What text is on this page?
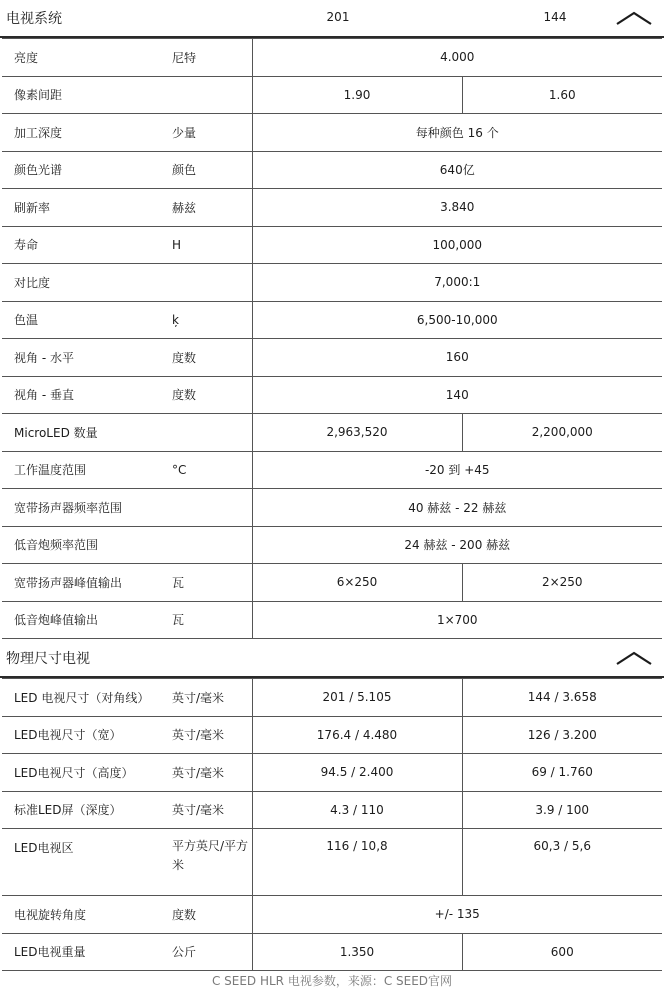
电视系统	201	144
亮度	尼特	4.000	
像素间距		1.90	1.60
加工深度	少量	每种颜色 16 个	
颜色光谱	颜色	640亿	
刷新率	赫兹	3.840	
寿命	H	100,000	
对比度		7,000:1	
色温	ķ	6,500-10,000	
视角 - 水平	度数	160	
视角 - 垂直	度数	140	
MicroLED 数量		2,963,520	2,200,000
工作温度范围	°C	-20 到 +45	
宽带扬声器频率范围		40 赫兹 - 22 赫兹	
低音炮频率范围		24 赫兹 - 200 赫兹	
宽带扬声器峰值输出	瓦	6×250	2×250
低音炮峰值输出	瓦	1×700	
物理尺寸电视
LED 电视尺寸（对角线）	英寸/毫米	201 / 5.105	144 / 3.658
LED电视尺寸（宽）	英寸/毫米	176.4 / 4.480	126 / 3.200
LED电视尺寸（高度）	英寸/毫米	94.5 / 2.400	69 / 1.760
标准LED屏（深度）	英寸/毫米	4.3 / 110	3.9 / 100
LED电视区	平方英尺/平方米	116 / 10,8	60,3 / 5,6
电视旋转角度	度数	+/- 135	
LED电视重量	公斤	1.350	600
C SEED HLR 电视参数，来源：C SEED官网
